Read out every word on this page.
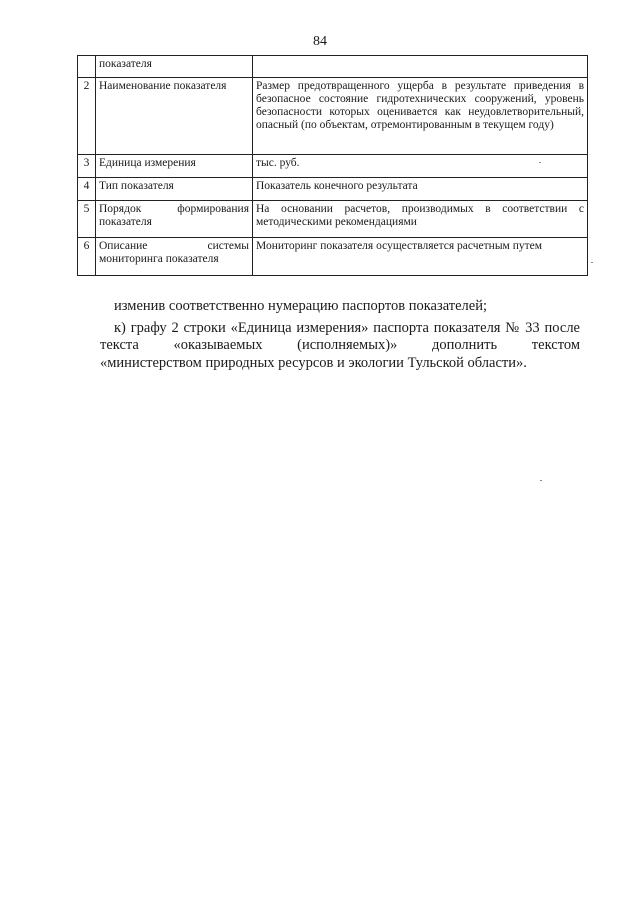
84
	показателя	
2	Наименование показателя	Размер предотвращенного ущерба в результате приведения в безопасное состояние гидротехнических сооружений, уровень безопасности которых оценивается как неудовлетворительный, опасный (по объектам, отремонтированным в текущем году)
3	Единица измерения	тыс. руб.
4	Тип показателя	Показатель конечного результата
5	Порядок формирования показателя	На основании расчетов, производимых в соответствии с методическими рекомендациями
6	Описание системы мониторинга показателя	Мониторинг показателя осуществляется расчетным путем
изменив соответственно нумерацию паспортов показателей;
к) графу 2 строки «Единица измерения» паспорта показателя № 33 после текста «оказываемых (исполняемых)» дополнить текстом
«министерством природных ресурсов и экологии Тульской области».
